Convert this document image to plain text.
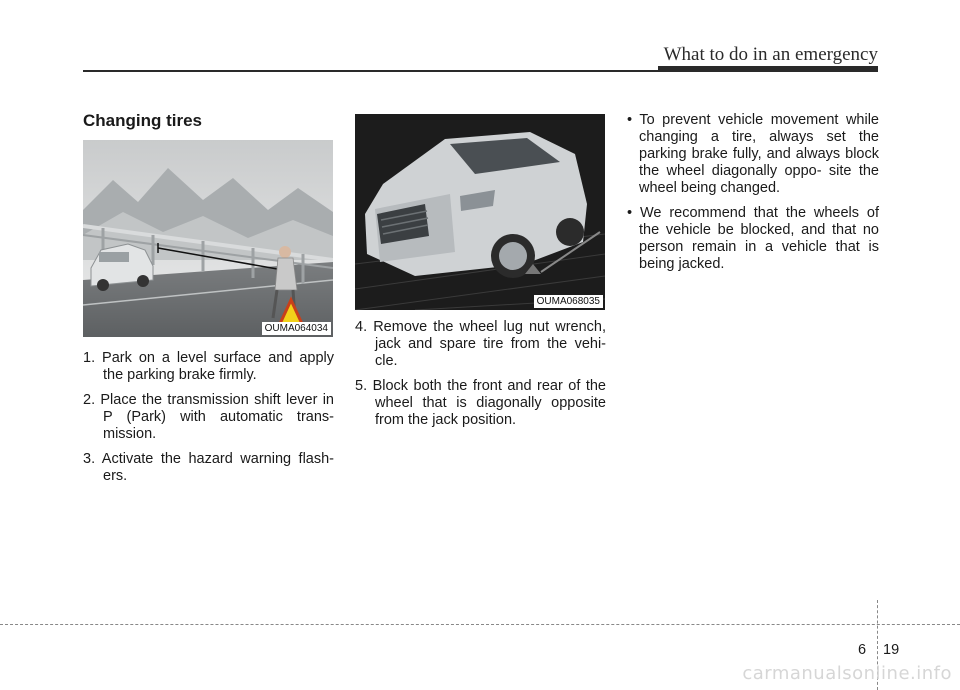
What to do in an emergency
Changing tires
OUMA064034
OUMA068035

1. Park on a level surface and apply the parking brake firmly.

2. Place the transmission shift lever in P (Park) with automatic trans- mission.

3. Activate the hazard warning flash- ers.

4. Remove the wheel lug nut wrench, jack and spare tire from the vehi- cle.

5. Block both the front and rear of the wheel that is diagonally opposite from the jack position.

• To prevent vehicle movement while changing a tire, always set the parking brake fully, and always block the wheel diagonally oppo- site the wheel being changed.

• We recommend that the wheels of the vehicle be blocked, and that no person remain in a vehicle that is being jacked.

6 19
carmanualsonline.info
